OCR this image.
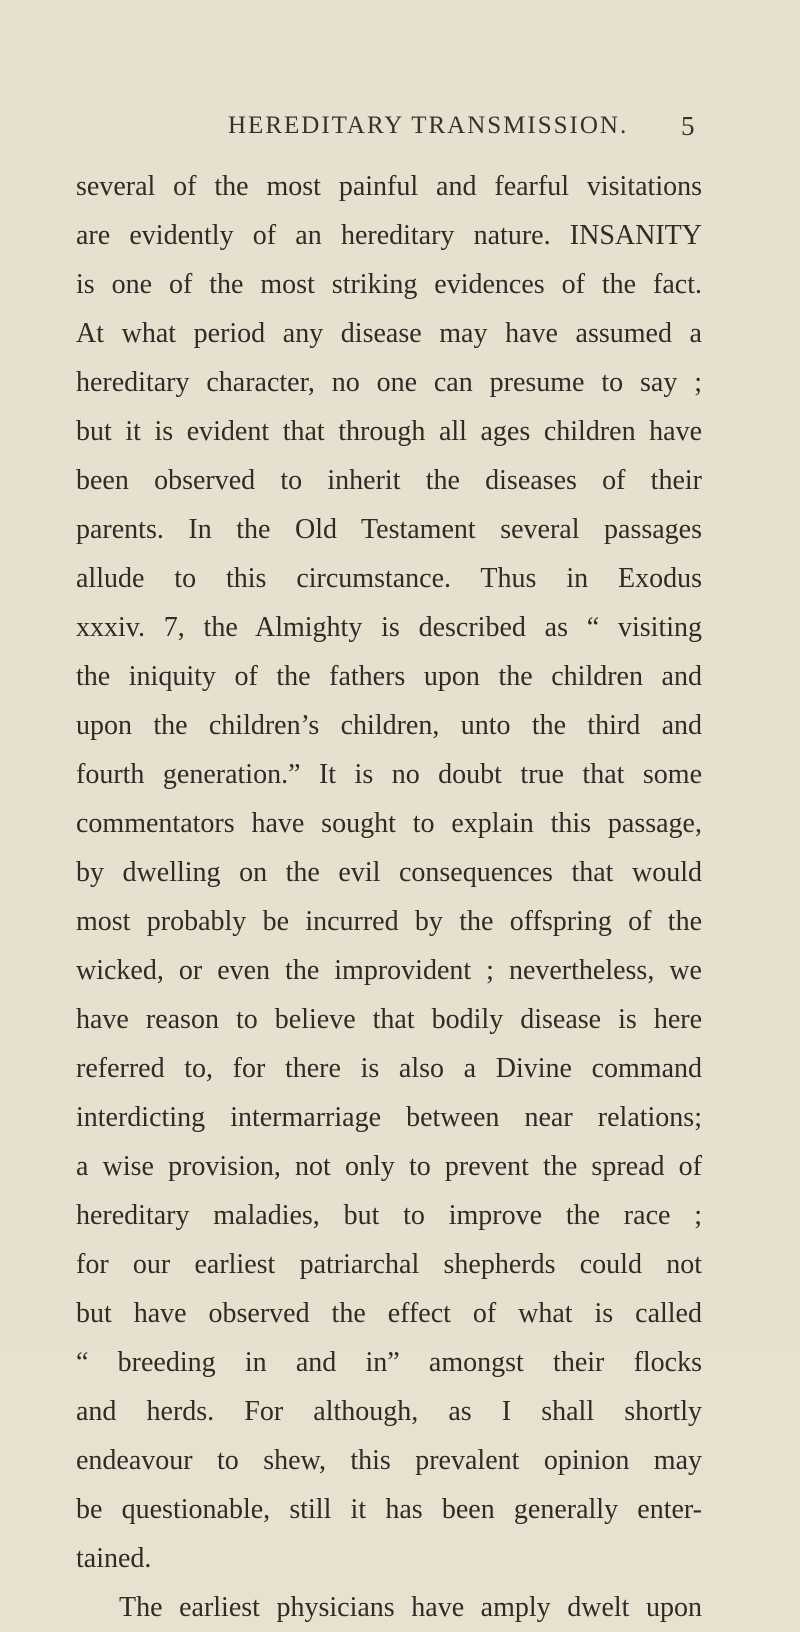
HEREDITARY TRANSMISSION. 5
several of the most painful and fearful visitations
are evidently of an hereditary nature. INSANITY
is one of the most striking evidences of the fact.
At what period any disease may have assumed a
hereditary character, no one can presume to say ;
but it is evident that through all ages children have
been observed to inherit the diseases of their
parents. In the Old Testament several passages
allude to this circumstance. Thus in Exodus
xxxiv. 7, the Almighty is described as “ visiting
the iniquity of the fathers upon the children and
upon the children’s children, unto the third and
fourth generation.” It is no doubt true that some
commentators have sought to explain this passage,
by dwelling on the evil consequences that would
most probably be incurred by the offspring of the
wicked, or even the improvident ; nevertheless, we
have reason to believe that bodily disease is here
referred to, for there is also a Divine command
interdicting intermarriage between near relations;
a wise provision, not only to prevent the spread of
hereditary maladies, but to improve the race ;
for our earliest patriarchal shepherds could not
but have observed the effect of what is called
“ breeding in and in” amongst their flocks
and herds. For although, as I shall shortly
endeavour to shew, this prevalent opinion may
be questionable, still it has been generally enter-
tained.
The earliest physicians have amply dwelt upon
